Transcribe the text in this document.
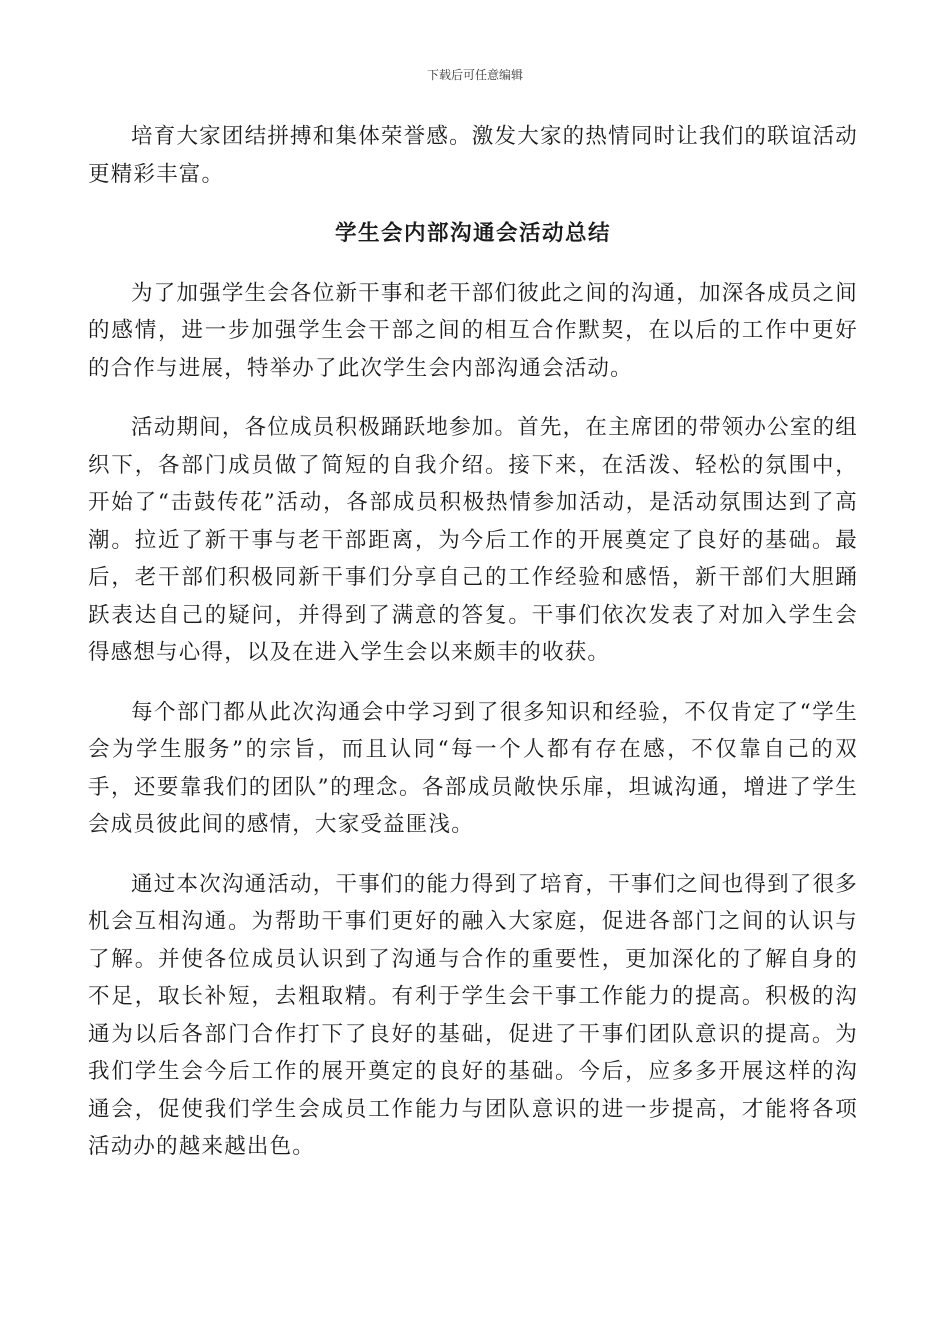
下载后可任意编辑

培育大家团结拼搏和集体荣誉感。激发大家的热情同时让我们的联谊活动更精彩丰富。

学生会内部沟通会活动总结

为了加强学生会各位新干事和老干部们彼此之间的沟通，加深各成员之间的感情，进一步加强学生会干部之间的相互合作默契，在以后的工作中更好的合作与进展，特举办了此次学生会内部沟通会活动。

活动期间，各位成员积极踊跃地参加。首先，在主席团的带领办公室的组织下，各部门成员做了简短的自我介绍。接下来，在活泼、轻松的氛围中，开始了“击鼓传花”活动，各部成员积极热情参加活动，是活动氛围达到了高潮。拉近了新干事与老干部距离，为今后工作的开展奠定了良好的基础。最后，老干部们积极同新干事们分享自己的工作经验和感悟，新干部们大胆踊跃表达自己的疑问，并得到了满意的答复。干事们依次发表了对加入学生会得感想与心得，以及在进入学生会以来颇丰的收获。

每个部门都从此次沟通会中学习到了很多知识和经验，不仅肯定了“学生会为学生服务”的宗旨，而且认同“每一个人都有存在感，不仅靠自己的双手，还要靠我们的团队”的理念。各部成员敞快乐扉，坦诚沟通，增进了学生会成员彼此间的感情，大家受益匪浅。

通过本次沟通活动，干事们的能力得到了培育，干事们之间也得到了很多机会互相沟通。为帮助干事们更好的融入大家庭，促进各部门之间的认识与了解。并使各位成员认识到了沟通与合作的重要性，更加深化的了解自身的不足，取长补短，去粗取精。有利于学生会干事工作能力的提高。积极的沟通为以后各部门合作打下了良好的基础，促进了干事们团队意识的提高。为我们学生会今后工作的展开奠定的良好的基础。今后，应多多开展这样的沟通会，促使我们学生会成员工作能力与团队意识的进一步提高，才能将各项活动办的越来越出色。
